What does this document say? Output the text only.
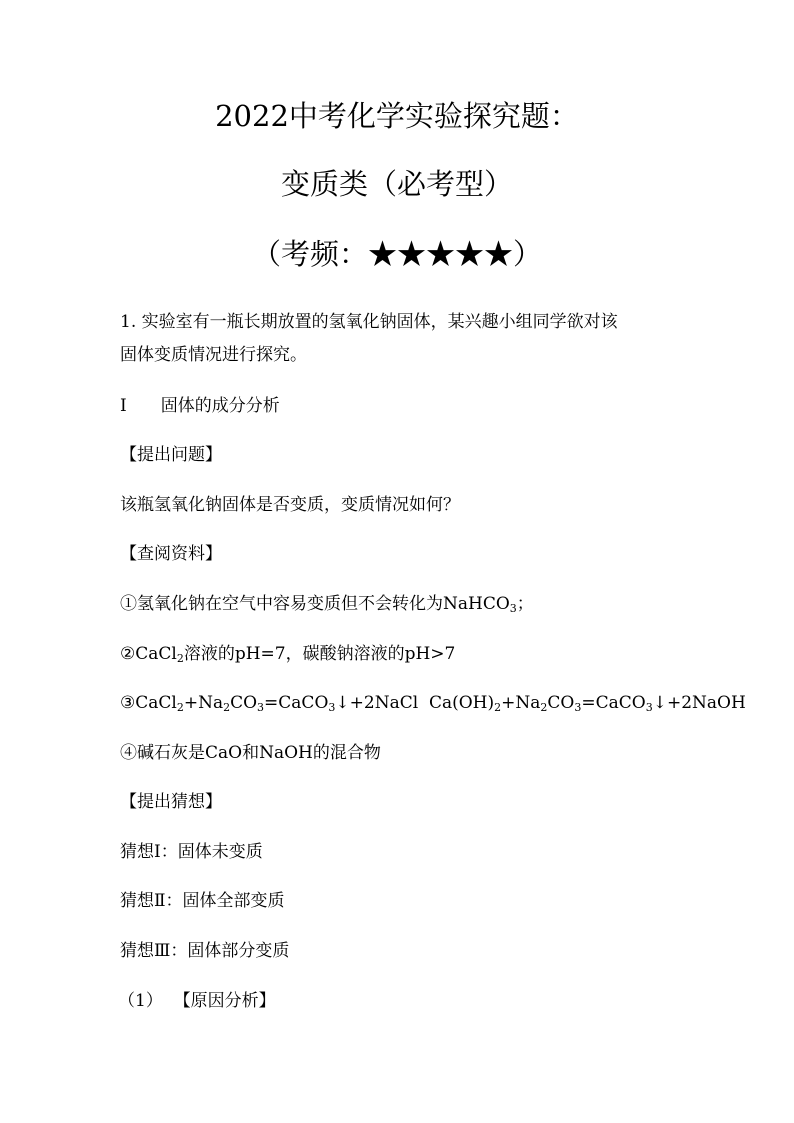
2022中考化学实验探究题：
变质类（必考型）
（考频：★★★★★）
1. 实验室有一瓶长期放置的氢氧化钠固体，某兴趣小组同学欲对该
固体变质情况进行探究。
Ⅰ 固体的成分分析
【提出问题】
该瓶氢氧化钠固体是否变质，变质情况如何？
【查阅资料】
①氢氧化钠在空气中容易变质但不会转化为NaHCO$_3$；
②CaCl$_2$溶液的pH=7，碳酸钠溶液的pH>7
$③CaCl_2+Na_2CO_3=CaCO_3↓+2NaCl$  $Ca(OH)_2+Na_2CO_3=CaCO_3↓+2NaOH$
④碱石灰是CaO和NaOH的混合物
【提出猜想】
猜想Ⅰ：固体未变质
猜想Ⅱ：固体全部变质
猜想Ⅲ：固体部分变质
（1）  【原因分析】
